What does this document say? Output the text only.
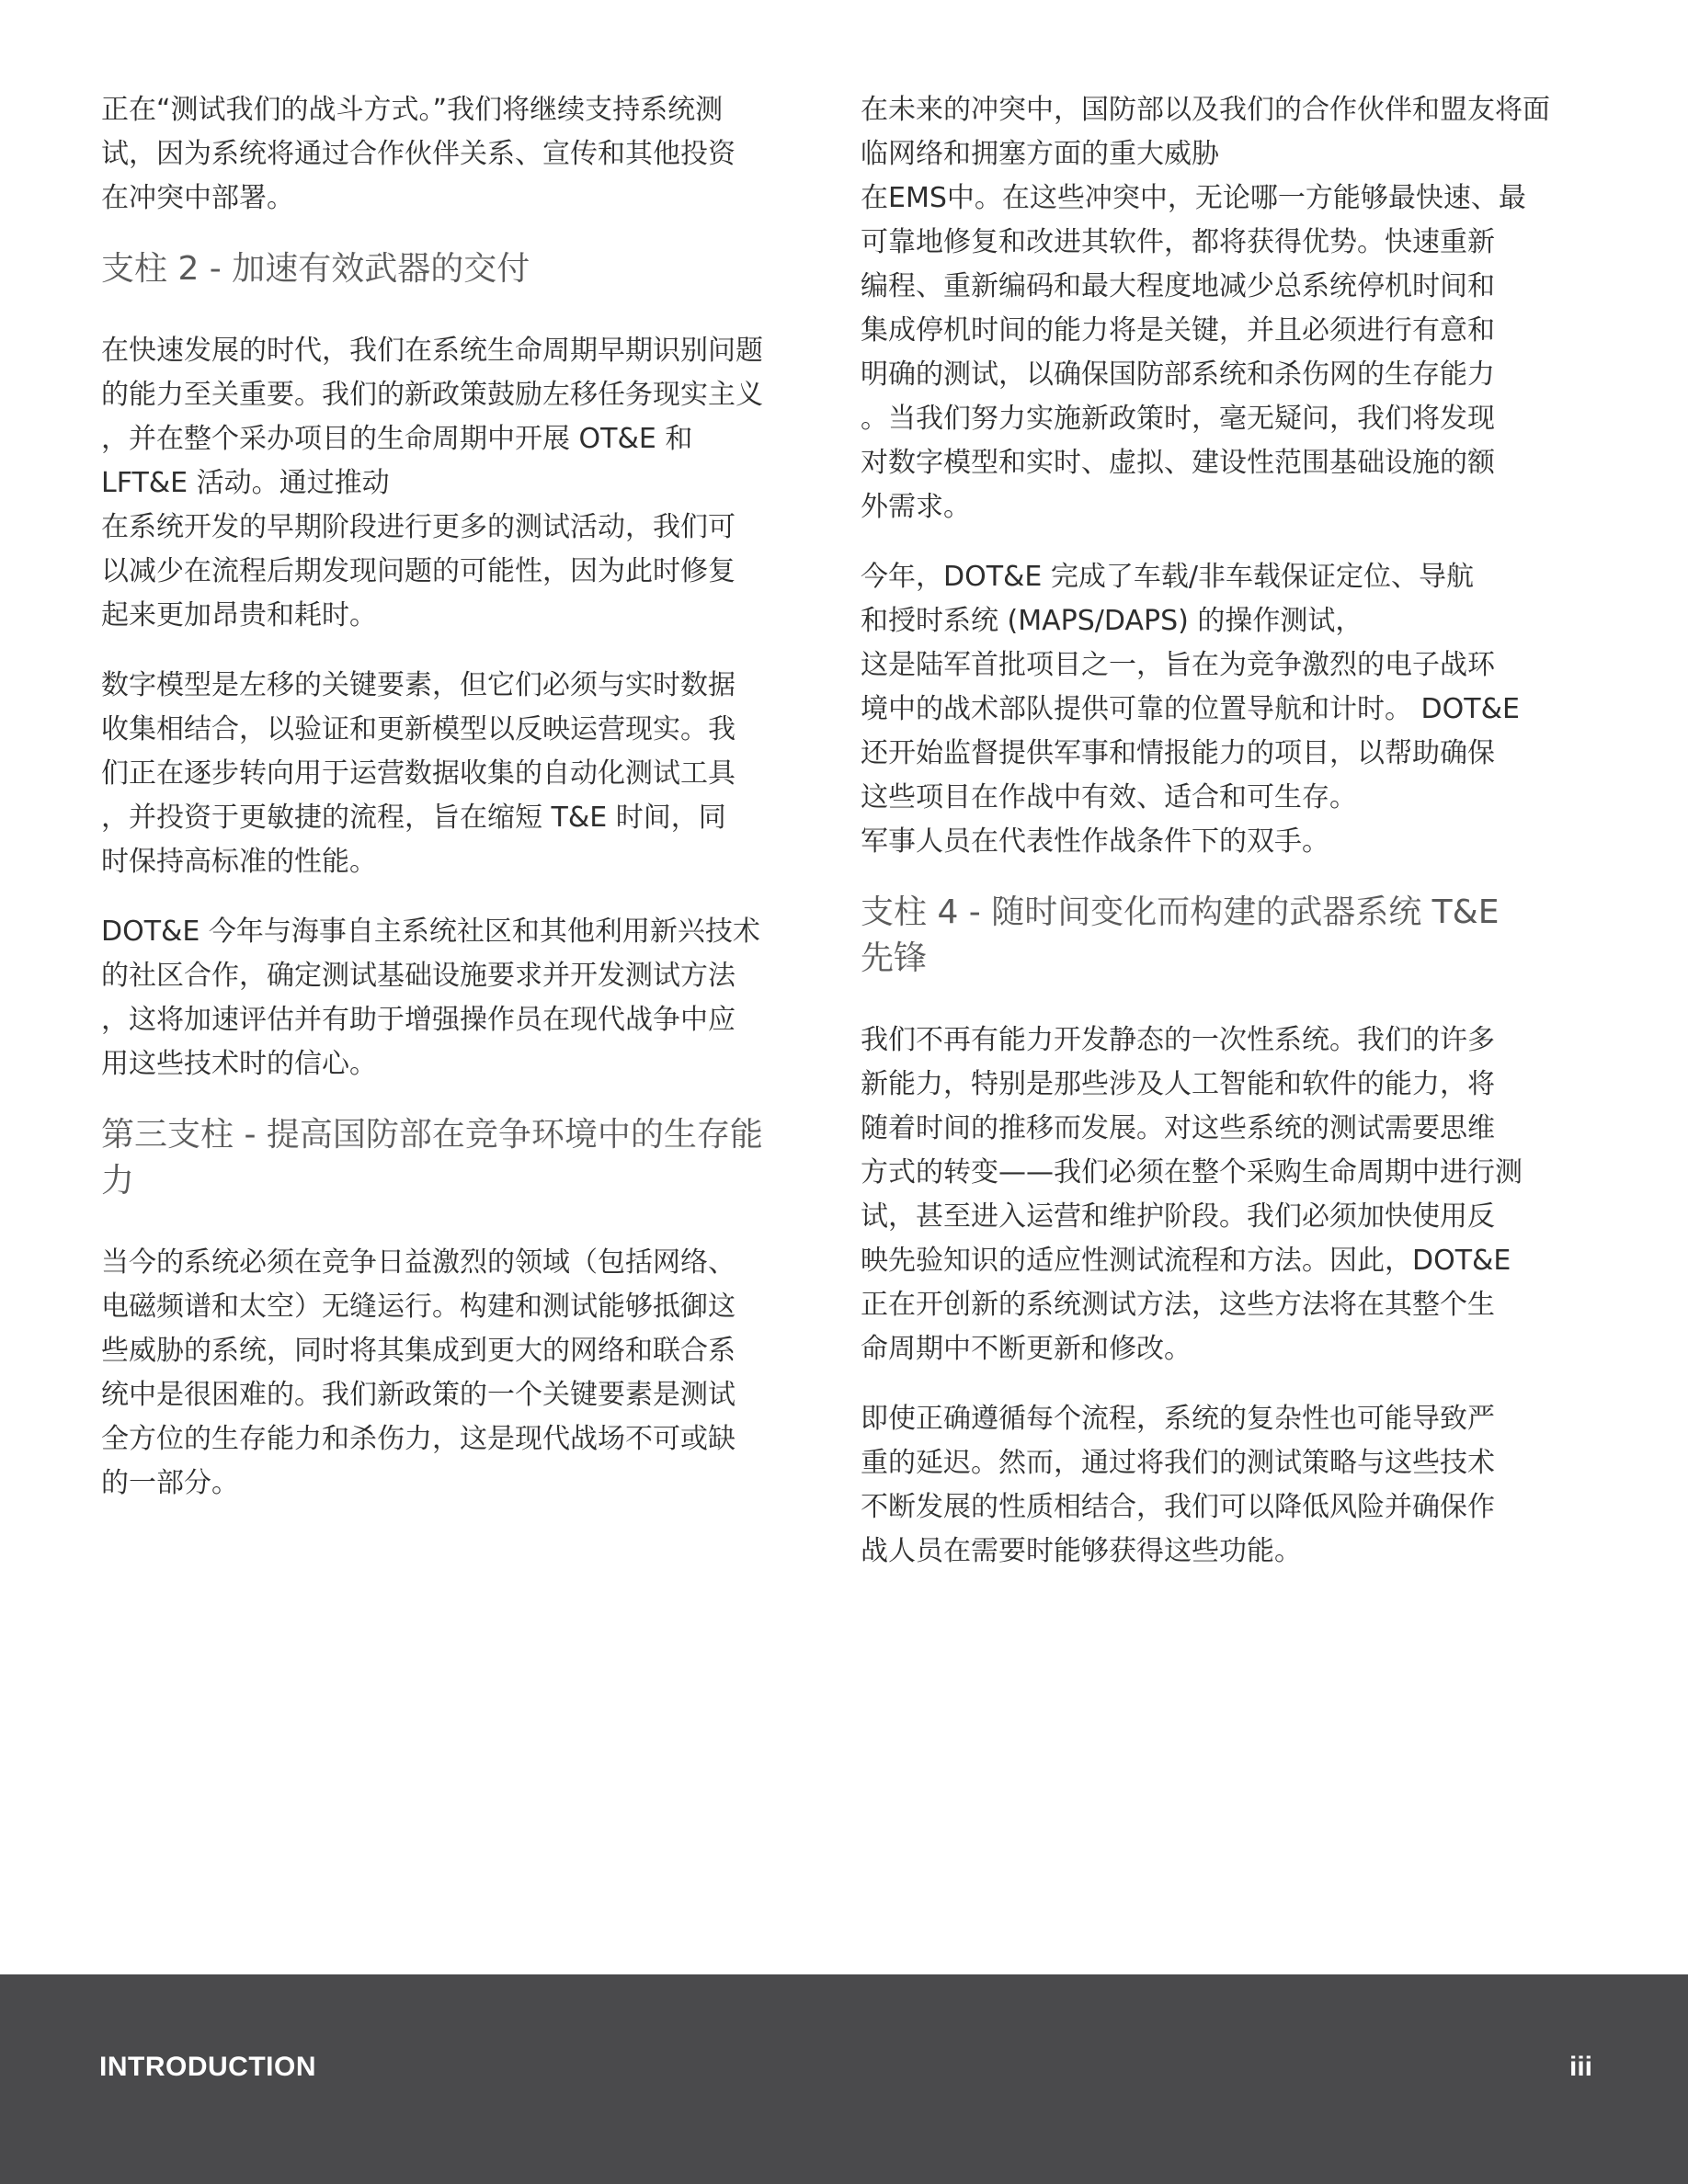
正在“测试我们的战斗方式。”我们将继续支持系统测
试，因为系统将通过合作伙伴关系、宣传和其他投资
在冲突中部署。

支柱 2 - 加速有效武器的交付

在快速发展的时代，我们在系统生命周期早期识别问题
的能力至关重要。我们的新政策鼓励左移任务现实主义
，并在整个采办项目的生命周期中开展 OT&E 和
LFT&E 活动。通过推动
在系统开发的早期阶段进行更多的测试活动，我们可
以减少在流程后期发现问题的可能性，因为此时修复
起来更加昂贵和耗时。

数字模型是左移的关键要素，但它们必须与实时数据
收集相结合，以验证和更新模型以反映运营现实。我
们正在逐步转向用于运营数据收集的自动化测试工具
，并投资于更敏捷的流程，旨在缩短 T&E 时间，同
时保持高标准的性能。

DOT&E 今年与海事自主系统社区和其他利用新兴技术
的社区合作，确定测试基础设施要求并开发测试方法
，这将加速评估并有助于增强操作员在现代战争中应
用这些技术时的信心。

第三支柱 - 提高国防部在竞争环境中的生存能
力

当今的系统必须在竞争日益激烈的领域（包括网络、
电磁频谱和太空）无缝运行。构建和测试能够抵御这
些威胁的系统，同时将其集成到更大的网络和联合系
统中是很困难的。我们新政策的一个关键要素是测试
全方位的生存能力和杀伤力，这是现代战场不可或缺
的一部分。

在未来的冲突中，国防部以及我们的合作伙伴和盟友将面
临网络和拥塞方面的重大威胁
在EMS中。在这些冲突中，无论哪一方能够最快速、最
可靠地修复和改进其软件，都将获得优势。快速重新
编程、重新编码和最大程度地减少总系统停机时间和
集成停机时间的能力将是关键，并且必须进行有意和
明确的测试，以确保国防部系统和杀伤网的生存能力
。当我们努力实施新政策时，毫无疑问，我们将发现
对数字模型和实时、虚拟、建设性范围基础设施的额
外需求。

今年，DOT&E 完成了车载/非车载保证定位、导航
和授时系统 (MAPS/DAPS) 的操作测试，
这是陆军首批项目之一，旨在为竞争激烈的电子战环
境中的战术部队提供可靠的位置导航和计时。 DOT&E
还开始监督提供军事和情报能力的项目，以帮助确保
这些项目在作战中有效、适合和可生存。
军事人员在代表性作战条件下的双手。

支柱 4 - 随时间变化而构建的武器系统 T&E
先锋

我们不再有能力开发静态的一次性系统。我们的许多
新能力，特别是那些涉及人工智能和软件的能力，将
随着时间的推移而发展。对这些系统的测试需要思维
方式的转变——我们必须在整个采购生命周期中进行测
试，甚至进入运营和维护阶段。我们必须加快使用反
映先验知识的适应性测试流程和方法。因此，DOT&E
正在开创新的系统测试方法，这些方法将在其整个生
命周期中不断更新和修改。

即使正确遵循每个流程，系统的复杂性也可能导致严
重的延迟。然而，通过将我们的测试策略与这些技术
不断发展的性质相结合，我们可以降低风险并确保作
战人员在需要时能够获得这些功能。

INTRODUCTION	iii
